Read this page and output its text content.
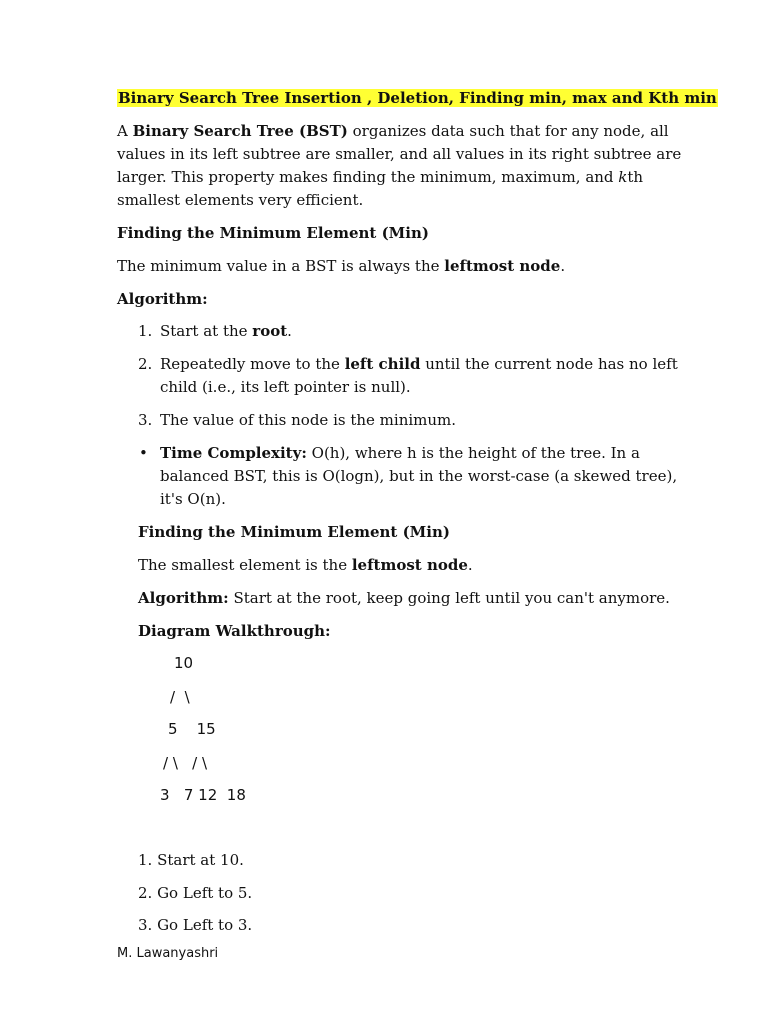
Binary Search Tree Insertion , Deletion, Finding min, max and Kth min
A Binary Search Tree (BST) organizes data such that for any node, all
values in its left subtree are smaller, and all values in its right subtree are
larger. This property makes finding the minimum, maximum, and kth
smallest elements very efficient.
Finding the Minimum Element (Min)
The minimum value in a BST is always the leftmost node.
Algorithm:
1. Start at the root.
2. Repeatedly move to the left child until the current node has no left
child (i.e., its left pointer is null).
3. The value of this node is the minimum.
• Time Complexity: O(h), where h is the height of the tree. In a
balanced BST, this is O(logn), but in the worst-case (a skewed tree),
it's O(n).
Finding the Minimum Element (Min)
The smallest element is the leftmost node.
Algorithm: Start at the root, keep going left until you can't anymore.
Diagram Walkthrough:
10
/  \
5    15
/ \   / \
3   7 12  18
1. Start at 10.
2. Go Left to 5.
3. Go Left to 3.
M. Lawanyashri
